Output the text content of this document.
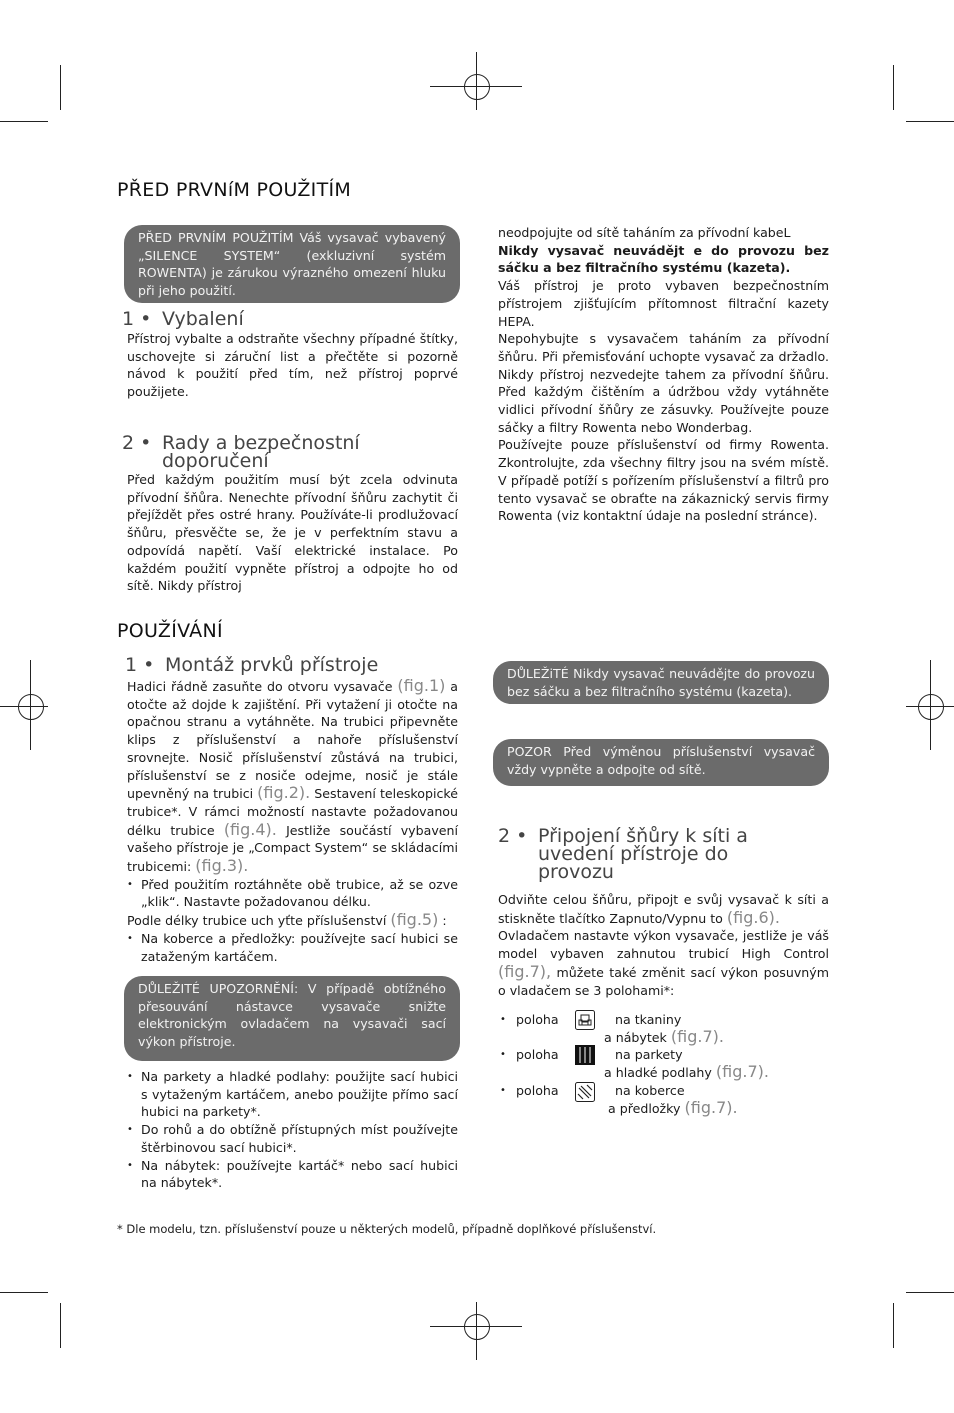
PŘED PRVNíM POUŽITÍM
PŘED PRVNÍM POUŽITÍM Váš vysavač vybavený „SILENCE SYSTEM“ (exkluzivní systém ROWENTA) je zárukou výrazného omezení hluku při jeho použití.
1 • Vybalení

Přístroj vybalte a odstraňte všechny případné štítky, uschovejte si záruční list a přečtěte si pozorně návod k použití před tím, než přístroj poprvé použijete.

2 • Rady a bezpečnostní
doporučení

Před každým použitím musí být zcela odvinuta přívodní šňůra. Nenechte přívodní šňůru zachytit či přejíždět přes ostré hrany. Používáte-li prodlužovací šňůru, přesvěčte se, že je v perfektním stavu a odpovídá napětí. Vaší elektrické instalace. Po každém použití vypněte přístroj a odpojte ho od sítě. Nikdy přístroj

neodpojujte od sítě taháním za přívodní kabeL

Nikdy vysavač neuvádějt e do provozu bez sáčku a bez filtračního systému (kazeta).

Váš přístroj je proto vybaven bezpečnostním přístrojem zjišťujícím přítomnost filtrační kazety HEPA.

Nepohybujte s vysavačem taháním za přívodní šňůru. Při přemisťování uchopte vysavač za držadlo. Nikdy přístroj nezvedejte tahem za přívodní šňůru. Před každým čištěním a údržbou vždy vytáhněte vidlici přívodní šňůry ze zásuvky. Používejte pouze sáčky a filtry Rowenta nebo Wonderbag.

Používejte pouze příslušenství od firmy Rowenta. Zkontrolujte, zda všechny filtry jsou na svém místě. V případě potíží s pořízením příslušenství a filtrů pro tento vysavač se obraťte na zákaznický servis firmy Rowenta (viz kontaktní údaje na poslední stránce).

POUŽÍVÁNÍ
1 • Montáž prvků přístroje

Hadici řádně zasuňte do otvoru vysavače (fig.1) a otočte až dojde k zajištění. Při vytažení ji otočte na opačnou stranu a vytáhněte. Na trubici připevněte klips z příslušenství a nahoře příslušenství srovnejte. Nosič příslušenství zůstává na trubici, příslušenství se z nosiče odejme, nosič je stále upevněný na trubici (fig.2). Sestavení teleskopické trubice*. V rámci možností nastavte požadovanou délku trubice (fig.4). Jestliže součástí vybavení vašeho přístroje je „Compact System“ se skládacími trubicemi: (fig.3).

• Před použitím roztáhněte obě trubice, až se ozve „klik“. Nastavte požadovanou délku.

Podle délky trubice uch yťte příslušenství (fig.5) :

• Na koberce a předložky: používejte sací hubici se zataženým kartáčem.
DŮLEŽITÉ UPOZORNĚNÍ: V případě obtížného přesouvání nástavce vysavače snižte elektronickým ovladačem na vysavači sací výkon přístroje.
• Na parkety a hladké podlahy: použijte sací hubici s vytaženým kartáčem, anebo použijte přímo sací hubici na parkety*.
• Do rohů a do obtížně přístupných míst používejte štěrbinovou sací hubici*.
• Na nábytek: používejte kartáč* nebo sací hubici na nábytek*.
DŮLEŽiTÉ Nikdy vysavač neuvádějte do provozu bez sáčku a bez filtračního systému (kazeta).
POZOR Před výměnou příslušenství vysavač vždy vypněte a odpojte od sítě.
2 • Připojení šňůry k síti a
uvedení přístroje do
provozu

Odviňte celou šňůru, připojt e svůj vysavač k síti a stiskněte tlačítko Zapnuto/Vypnu to (fig.6).

Ovladačem nastavte výkon vysavače, jestliže je váš model vybaven zahnutou trubicí High Control (fig.7), můžete také změnit sací výkon posuvným o vladačem se 3 polohami*:

• poloha	na tkaniny
a nábytek (fig.7).
• poloha	na parkety
a hladké podlahy (fig.7).
• poloha	na koberce
a předložky (fig.7).
* Dle modelu, tzn. příslušenství pouze u některých modelů, případně doplňkové příslušenství.
